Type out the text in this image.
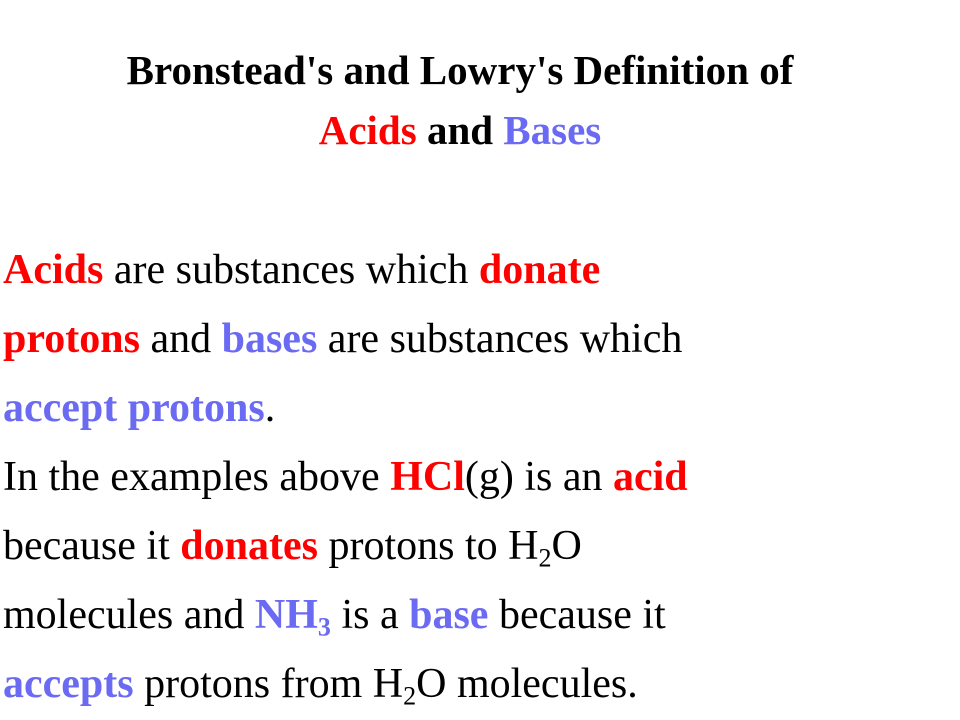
Bronstead's and Lowry's Definition of
Acids and Bases
Acids are substances which donate
protons and bases are substances which
accept protons.
In the examples above HCl(g) is an acid
because it donates protons to $H_2O$
molecules and $NH_3$ is a base because it
accepts protons from $H_2O$ molecules.
